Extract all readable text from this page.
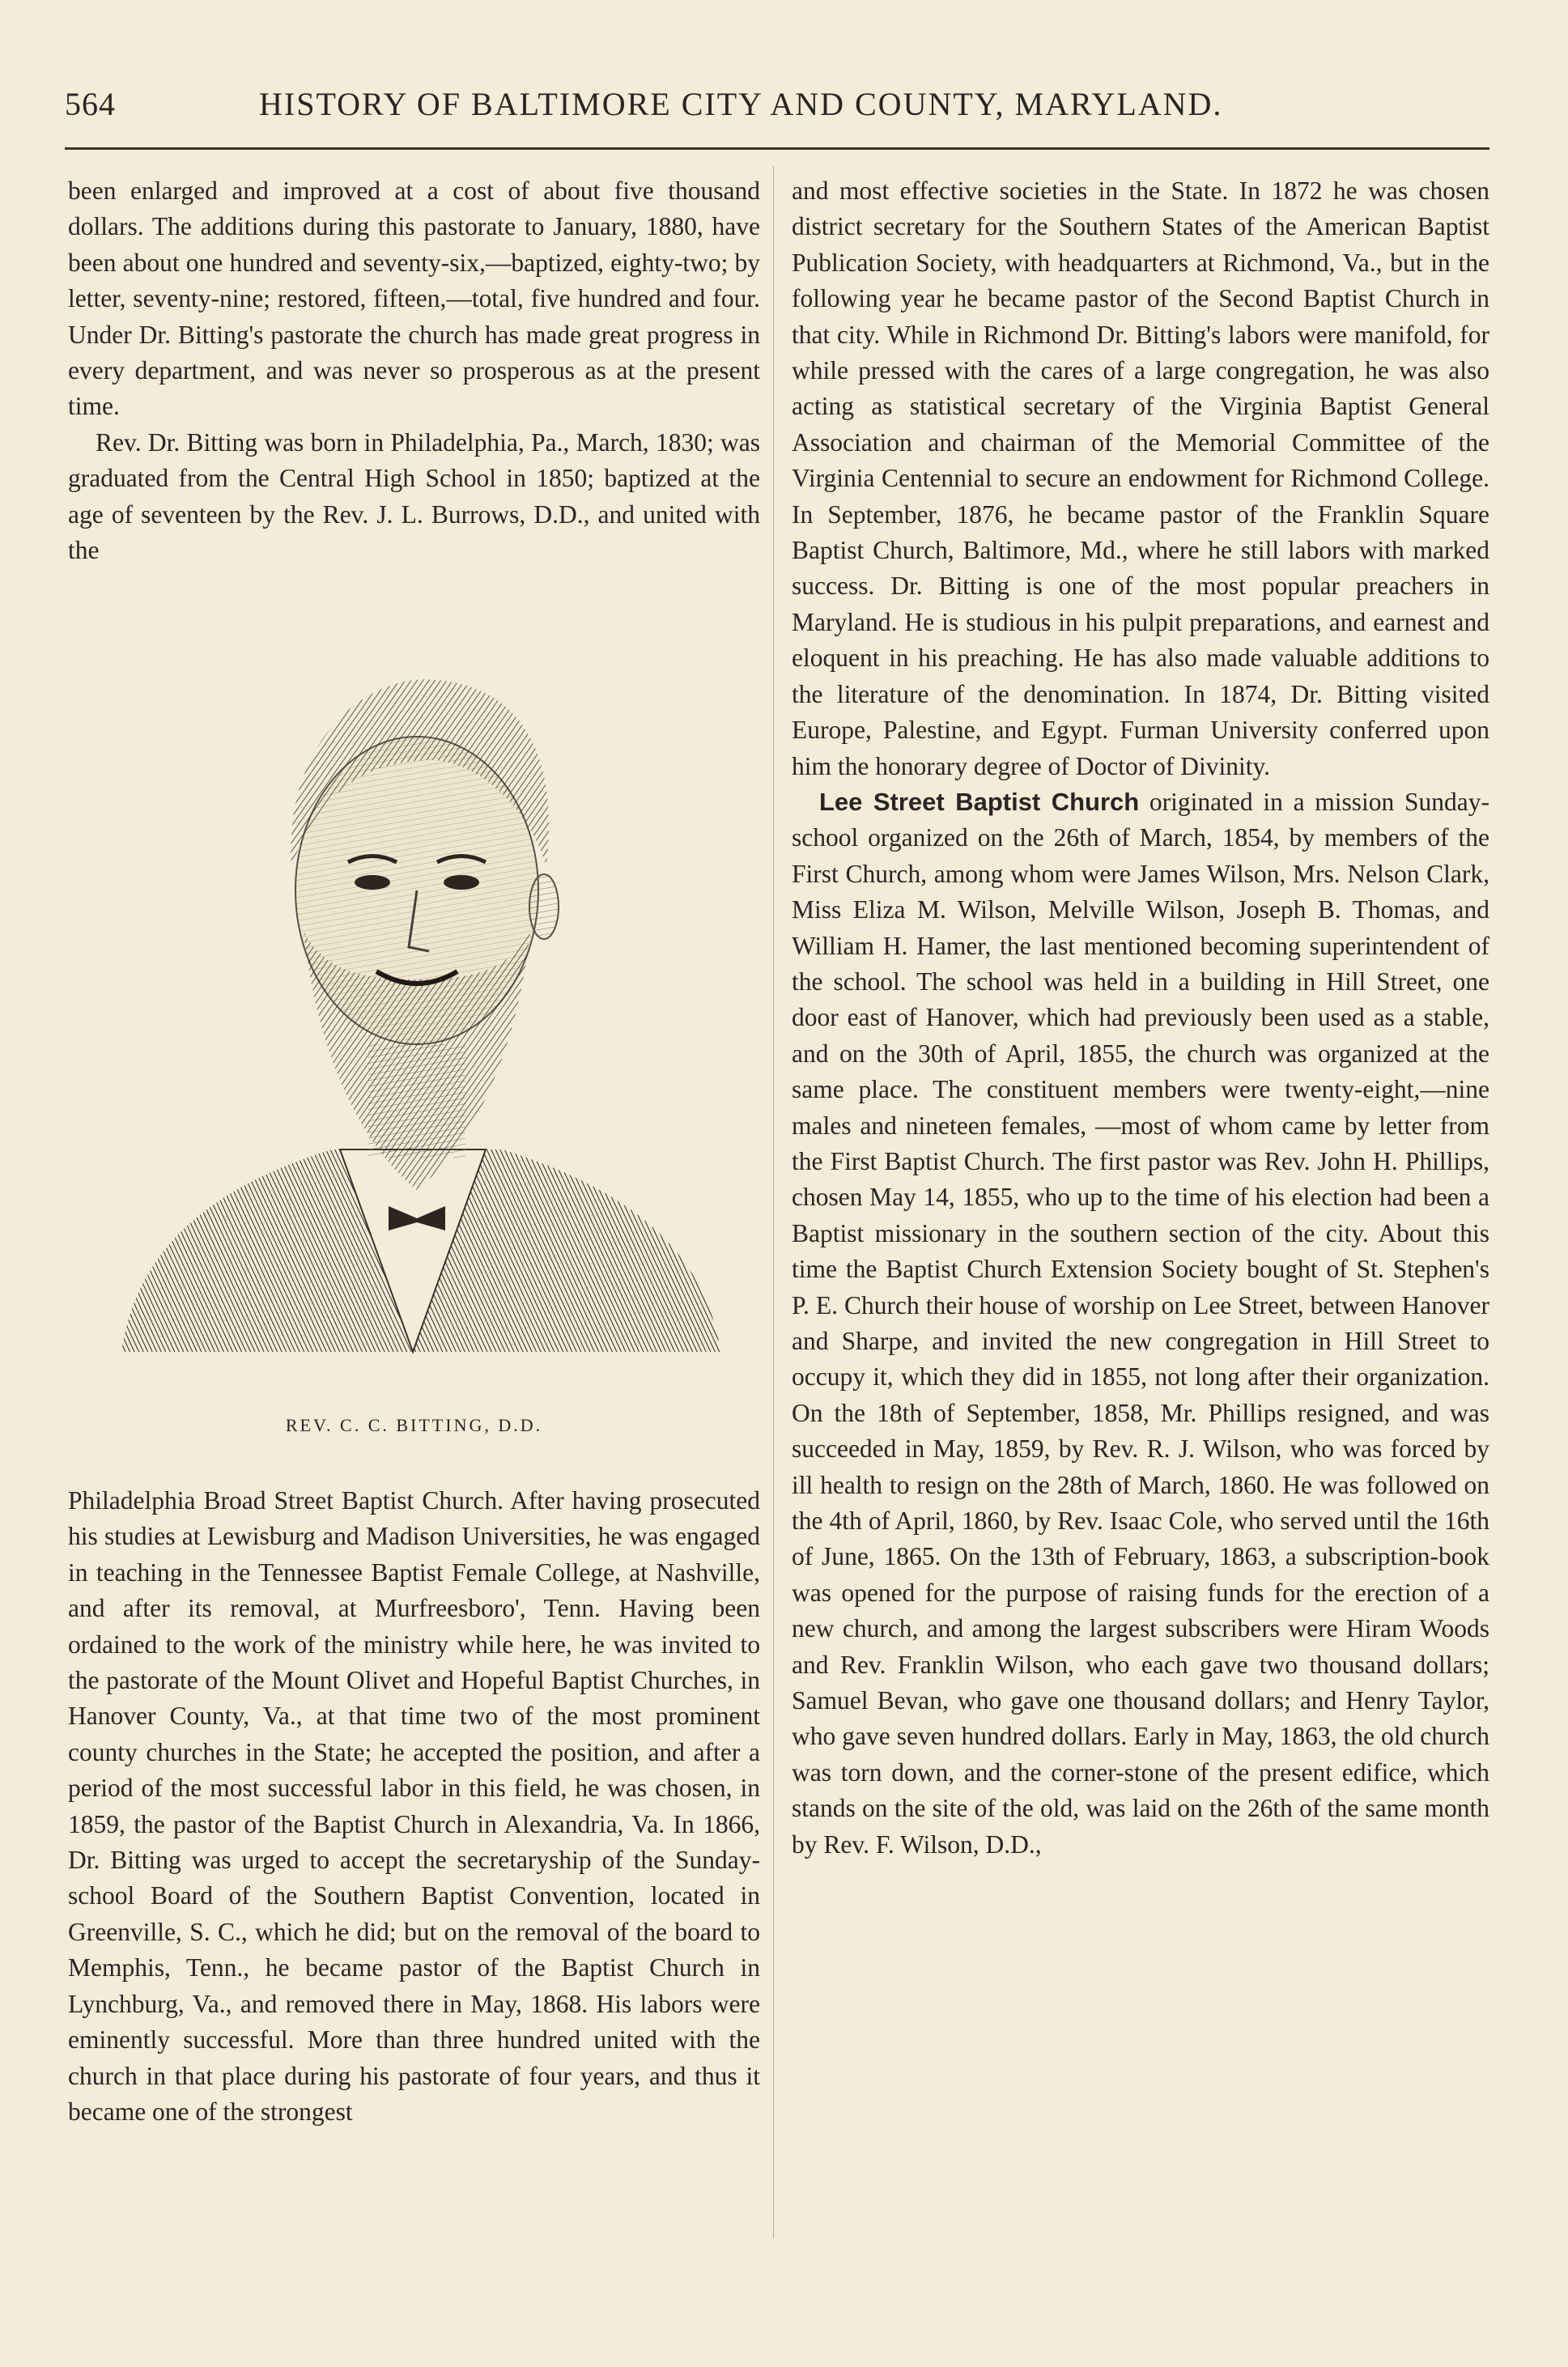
564	HISTORY OF BALTIMORE CITY AND COUNTY, MARYLAND.

been enlarged and improved at a cost of about five thousand dollars. The additions during this pastorate to January, 1880, have been about one hundred and seventy-six,—baptized, eighty-two; by letter, seventy-nine; restored, fifteen,—total, five hundred and four. Under Dr. Bitting's pastorate the church has made great progress in every department, and was never so prosperous as at the present time.

Rev. Dr. Bitting was born in Philadelphia, Pa., March, 1830; was graduated from the Central High School in 1850; baptized at the age of seventeen by the Rev. J. L. Burrows, D.D., and united with the

REV. C. C. BITTING, D.D.

Philadelphia Broad Street Baptist Church. After having prosecuted his studies at Lewisburg and Madison Universities, he was engaged in teaching in the Tennessee Baptist Female College, at Nashville, and after its removal, at Murfreesboro', Tenn. Having been ordained to the work of the ministry while here, he was invited to the pastorate of the Mount Olivet and Hopeful Baptist Churches, in Hanover County, Va., at that time two of the most prominent county churches in the State; he accepted the position, and after a period of the most successful labor in this field, he was chosen, in 1859, the pastor of the Baptist Church in Alexandria, Va. In 1866, Dr. Bitting was urged to accept the secretaryship of the Sunday-school Board of the Southern Baptist Convention, located in Greenville, S. C., which he did; but on the removal of the board to Memphis, Tenn., he became pastor of the Baptist Church in Lynchburg, Va., and removed there in May, 1868. His labors were eminently successful. More than three hundred united with the church in that place during his pastorate of four years, and thus it became one of the strongest

and most effective societies in the State. In 1872 he was chosen district secretary for the Southern States of the American Baptist Publication Society, with headquarters at Richmond, Va., but in the following year he became pastor of the Second Baptist Church in that city. While in Richmond Dr. Bitting's labors were manifold, for while pressed with the cares of a large congregation, he was also acting as statistical secretary of the Virginia Baptist General Association and chairman of the Memorial Committee of the Virginia Centennial to secure an endowment for Richmond College. In September, 1876, he became pastor of the Franklin Square Baptist Church, Baltimore, Md., where he still labors with marked success. Dr. Bitting is one of the most popular preachers in Maryland. He is studious in his pulpit preparations, and earnest and eloquent in his preaching. He has also made valuable additions to the literature of the denomination. In 1874, Dr. Bitting visited Europe, Palestine, and Egypt. Furman University conferred upon him the honorary degree of Doctor of Divinity.

Lee Street Baptist Church originated in a mission Sunday-school organized on the 26th of March, 1854, by members of the First Church, among whom were James Wilson, Mrs. Nelson Clark, Miss Eliza M. Wilson, Melville Wilson, Joseph B. Thomas, and William H. Hamer, the last mentioned becoming superintendent of the school. The school was held in a building in Hill Street, one door east of Hanover, which had previously been used as a stable, and on the 30th of April, 1855, the church was organized at the same place. The constituent members were twenty-eight,—nine males and nineteen females, —most of whom came by letter from the First Baptist Church. The first pastor was Rev. John H. Phillips, chosen May 14, 1855, who up to the time of his election had been a Baptist missionary in the southern section of the city. About this time the Baptist Church Extension Society bought of St. Stephen's P. E. Church their house of worship on Lee Street, between Hanover and Sharpe, and invited the new congregation in Hill Street to occupy it, which they did in 1855, not long after their organization. On the 18th of September, 1858, Mr. Phillips resigned, and was succeeded in May, 1859, by Rev. R. J. Wilson, who was forced by ill health to resign on the 28th of March, 1860. He was followed on the 4th of April, 1860, by Rev. Isaac Cole, who served until the 16th of June, 1865. On the 13th of February, 1863, a subscription-book was opened for the purpose of raising funds for the erection of a new church, and among the largest subscribers were Hiram Woods and Rev. Franklin Wilson, who each gave two thousand dollars; Samuel Bevan, who gave one thousand dollars; and Henry Taylor, who gave seven hundred dollars. Early in May, 1863, the old church was torn down, and the corner-stone of the present edifice, which stands on the site of the old, was laid on the 26th of the same month by Rev. F. Wilson, D.D.,
